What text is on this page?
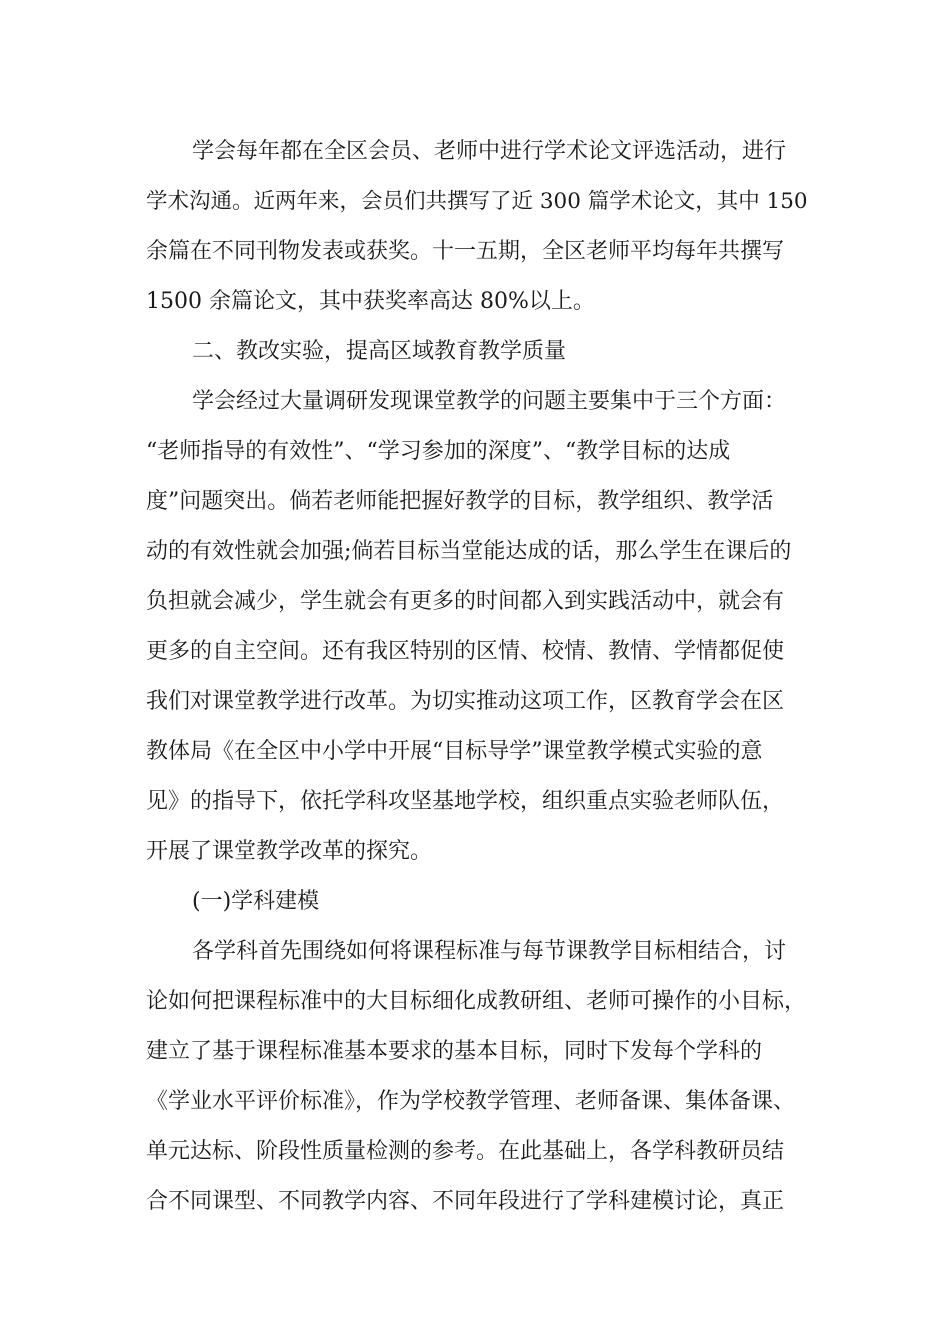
学会每年都在全区会员、老师中进行学术论文评选活动，进行
学术沟通。近两年来，会员们共撰写了近 300 篇学术论文，其中 150
余篇在不同刊物发表或获奖。十一五期，全区老师平均每年共撰写
1500 余篇论文，其中获奖率高达 80%以上。
二、教改实验，提高区域教育教学质量
学会经过大量调研发现课堂教学的问题主要集中于三个方面：
“老师指导的有效性”、“学习参加的深度”、“教学目标的达成
度”问题突出。倘若老师能把握好教学的目标，教学组织、教学活
动的有效性就会加强;倘若目标当堂能达成的话，那么学生在课后的
负担就会减少，学生就会有更多的时间都入到实践活动中，就会有
更多的自主空间。还有我区特别的区情、校情、教情、学情都促使
我们对课堂教学进行改革。为切实推动这项工作，区教育学会在区
教体局《在全区中小学中开展“目标导学”课堂教学模式实验的意
见》的指导下，依托学科攻坚基地学校，组织重点实验老师队伍，
开展了课堂教学改革的探究。
(一)学科建模
各学科首先围绕如何将课程标准与每节课教学目标相结合，讨
论如何把课程标准中的大目标细化成教研组、老师可操作的小目标，
建立了基于课程标准基本要求的基本目标，同时下发每个学科的
《学业水平评价标准》，作为学校教学管理、老师备课、集体备课、
单元达标、阶段性质量检测的参考。在此基础上，各学科教研员结
合不同课型、不同教学内容、不同年段进行了学科建模讨论，真正
